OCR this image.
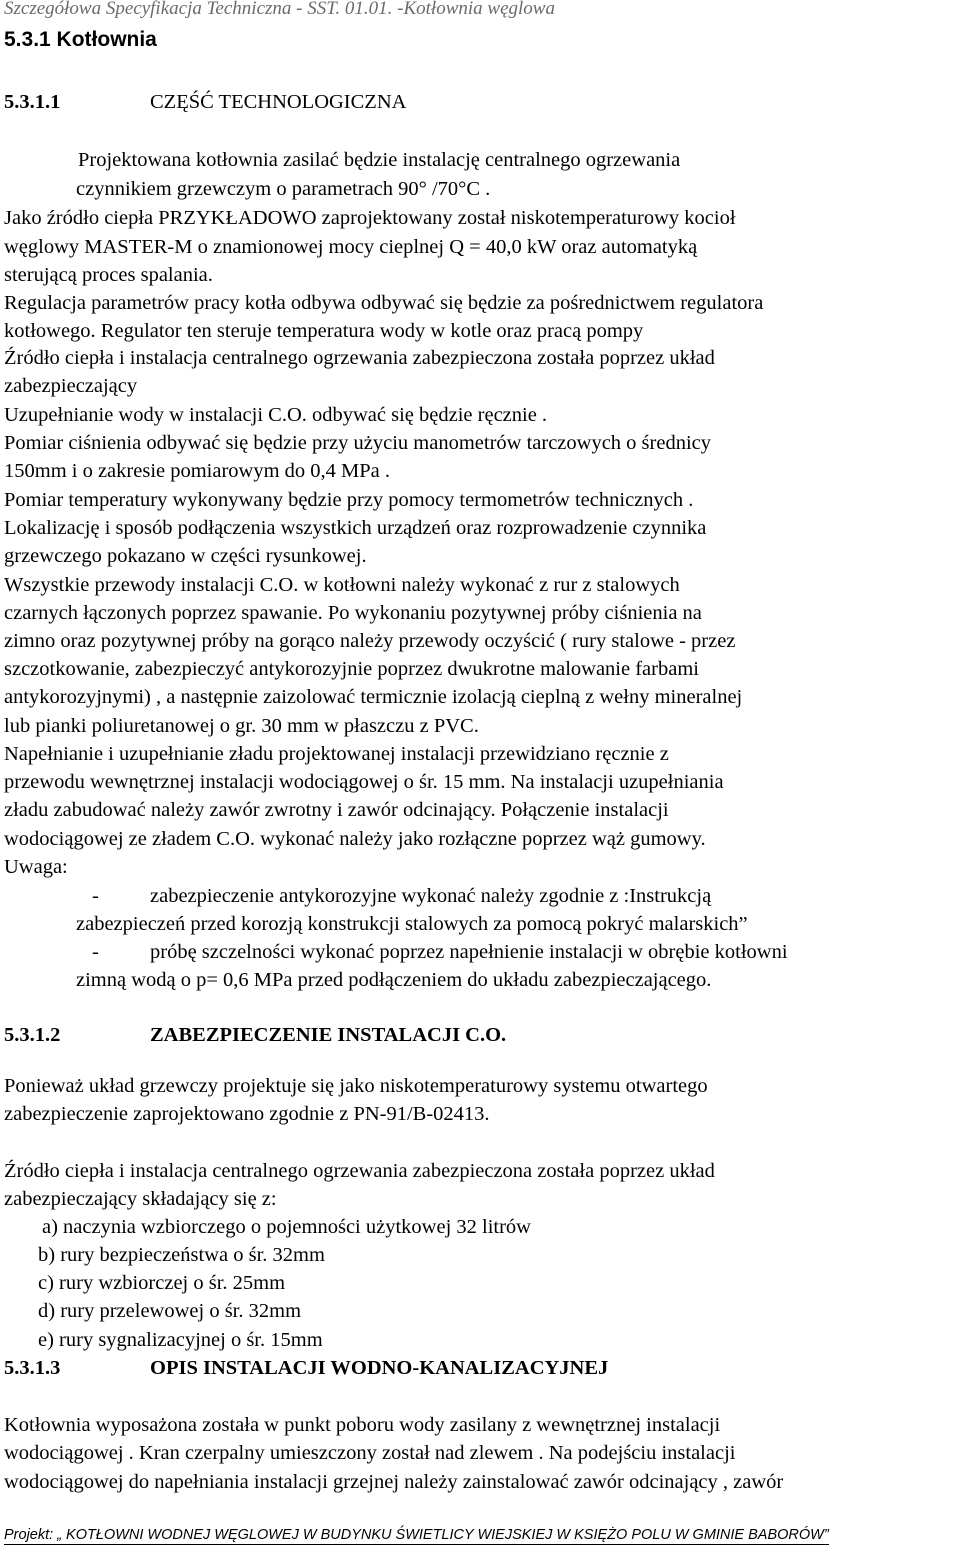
Szczegółowa Specyfikacja Techniczna - SST. 01.01. -Kotłownia węglowa
5.3.1 Kotłownia
5.3.1.1	CZĘŚĆ TECHNOLOGICZNA
Projektowana kotłownia zasilać będzie instalację centralnego ogrzewania
czynnikiem grzewczym o parametrach 90° /70°C .
Jako źródło ciepła PRZYKŁADOWO zaprojektowany został niskotemperaturowy kocioł
węglowy MASTER-M o znamionowej mocy cieplnej Q = 40,0 kW oraz automatyką
sterującą proces spalania.
Regulacja parametrów pracy kotła odbywa odbywać się będzie za pośrednictwem regulatora
kotłowego. Regulator ten steruje temperatura wody w kotle oraz pracą pompy
Źródło ciepła i instalacja centralnego ogrzewania zabezpieczona została poprzez układ
zabezpieczający
Uzupełnianie wody w instalacji C.O. odbywać się będzie ręcznie .
Pomiar ciśnienia odbywać się będzie przy użyciu manometrów tarczowych o średnicy
150mm i o zakresie pomiarowym do 0,4 MPa .
Pomiar temperatury wykonywany będzie przy pomocy termometrów technicznych .
Lokalizację i sposób podłączenia wszystkich urządzeń oraz rozprowadzenie czynnika
grzewczego pokazano w części rysunkowej.
Wszystkie przewody instalacji C.O. w kotłowni należy wykonać z rur z stalowych
czarnych łączonych poprzez spawanie. Po wykonaniu pozytywnej próby ciśnienia na
zimno oraz pozytywnej próby na gorąco należy przewody oczyścić ( rury stalowe - przez
szczotkowanie, zabezpieczyć antykorozyjnie poprzez dwukrotne malowanie farbami
antykorozyjnymi) , a następnie zaizolować termicznie izolacją cieplną z wełny mineralnej
lub pianki poliuretanowej o gr. 30 mm w płaszczu z PVC.
Napełnianie i uzupełnianie zładu projektowanej instalacji przewidziano ręcznie z
przewodu wewnętrznej instalacji wodociągowej o śr. 15 mm. Na instalacji uzupełniania
zładu zabudować należy zawór zwrotny i zawór odcinający. Połączenie instalacji
wodociągowej ze zładem C.O. wykonać należy jako rozłączne poprzez wąż gumowy.
Uwaga:
- zabezpieczenie antykorozyjne wykonać należy zgodnie z :Instrukcją
zabezpieczeń przed korozją konstrukcji stalowych za pomocą pokryć malarskich”
- próbę szczelności wykonać poprzez napełnienie instalacji w obrębie kotłowni
zimną wodą o p= 0,6 MPa przed podłączeniem do układu zabezpieczającego.
5.3.1.2	ZABEZPIECZENIE INSTALACJI C.O.
Ponieważ układ grzewczy projektuje się jako niskotemperaturowy systemu otwartego
zabezpieczenie zaprojektowano zgodnie z PN-91/B-02413.
Źródło ciepła i instalacja centralnego ogrzewania zabezpieczona została poprzez układ
zabezpieczający składający się z:
a) naczynia wzbiorczego o pojemności użytkowej 32 litrów
b) rury bezpieczeństwa o śr. 32mm
c) rury wzbiorczej o śr. 25mm
d) rury przelewowej o śr. 32mm
e) rury sygnalizacyjnej o śr. 15mm
5.3.1.3	OPIS INSTALACJI WODNO-KANALIZACYJNEJ
Kotłownia wyposażona została w punkt poboru wody zasilany z wewnętrznej instalacji
wodociągowej . Kran czerpalny umieszczony został nad zlewem . Na podejściu instalacji
wodociągowej do napełniania instalacji grzejnej należy zainstalować zawór odcinający , zawór
Projekt: „ KOTŁOWNI WODNEJ WĘGLOWEJ W BUDYNKU ŚWIETLICY WIEJSKIEJ W KSIĘŻO POLU W GMINIE BABORÓW”
